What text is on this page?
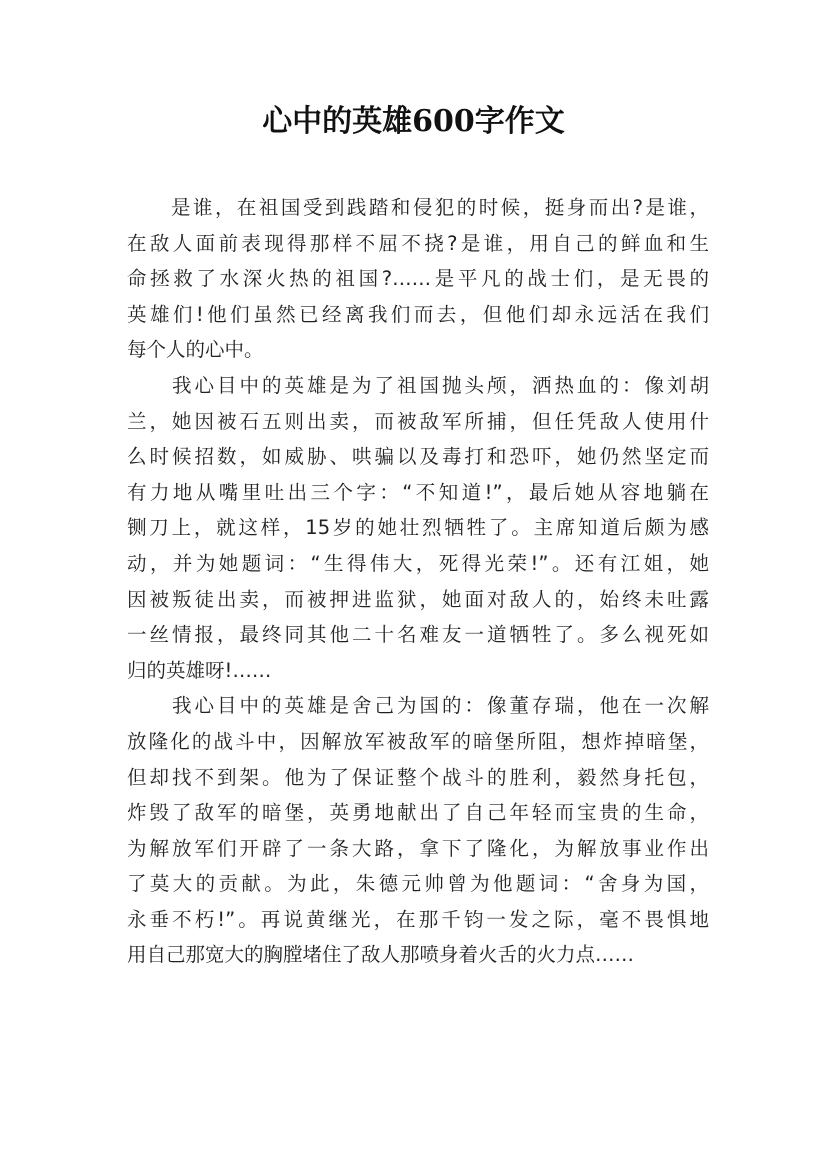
心中的英雄600字作文
　　是谁，在祖国受到践踏和侵犯的时候，挺身而出?是谁，
在敌人面前表现得那样不屈不挠?是谁，用自己的鲜血和生
命拯救了水深火热的祖国?……是平凡的战士们，是无畏的
英雄们!他们虽然已经离我们而去，但他们却永远活在我们
每个人的心中。
　　我心目中的英雄是为了祖国抛头颅，洒热血的：像刘胡
兰，她因被石五则出卖，而被敌军所捕，但任凭敌人使用什
么时候招数，如威胁、哄骗以及毒打和恐吓，她仍然坚定而
有力地从嘴里吐出三个字：“不知道!”，最后她从容地躺在
铡刀上，就这样，15岁的她壮烈牺牲了。主席知道后颇为感
动，并为她题词：“生得伟大，死得光荣!”。还有江姐，她
因被叛徒出卖，而被押进监狱，她面对敌人的，始终未吐露
一丝情报，最终同其他二十名难友一道牺牲了。多么视死如
归的英雄呀!……
　　我心目中的英雄是舍己为国的：像董存瑞，他在一次解
放隆化的战斗中，因解放军被敌军的暗堡所阻，想炸掉暗堡，
但却找不到架。他为了保证整个战斗的胜利，毅然身托包，
炸毁了敌军的暗堡，英勇地献出了自己年轻而宝贵的生命，
为解放军们开辟了一条大路，拿下了隆化，为解放事业作出
了莫大的贡献。为此，朱德元帅曾为他题词：“舍身为国，
永垂不朽!”。再说黄继光，在那千钧一发之际，毫不畏惧地
用自己那宽大的胸膛堵住了敌人那喷身着火舌的火力点……
